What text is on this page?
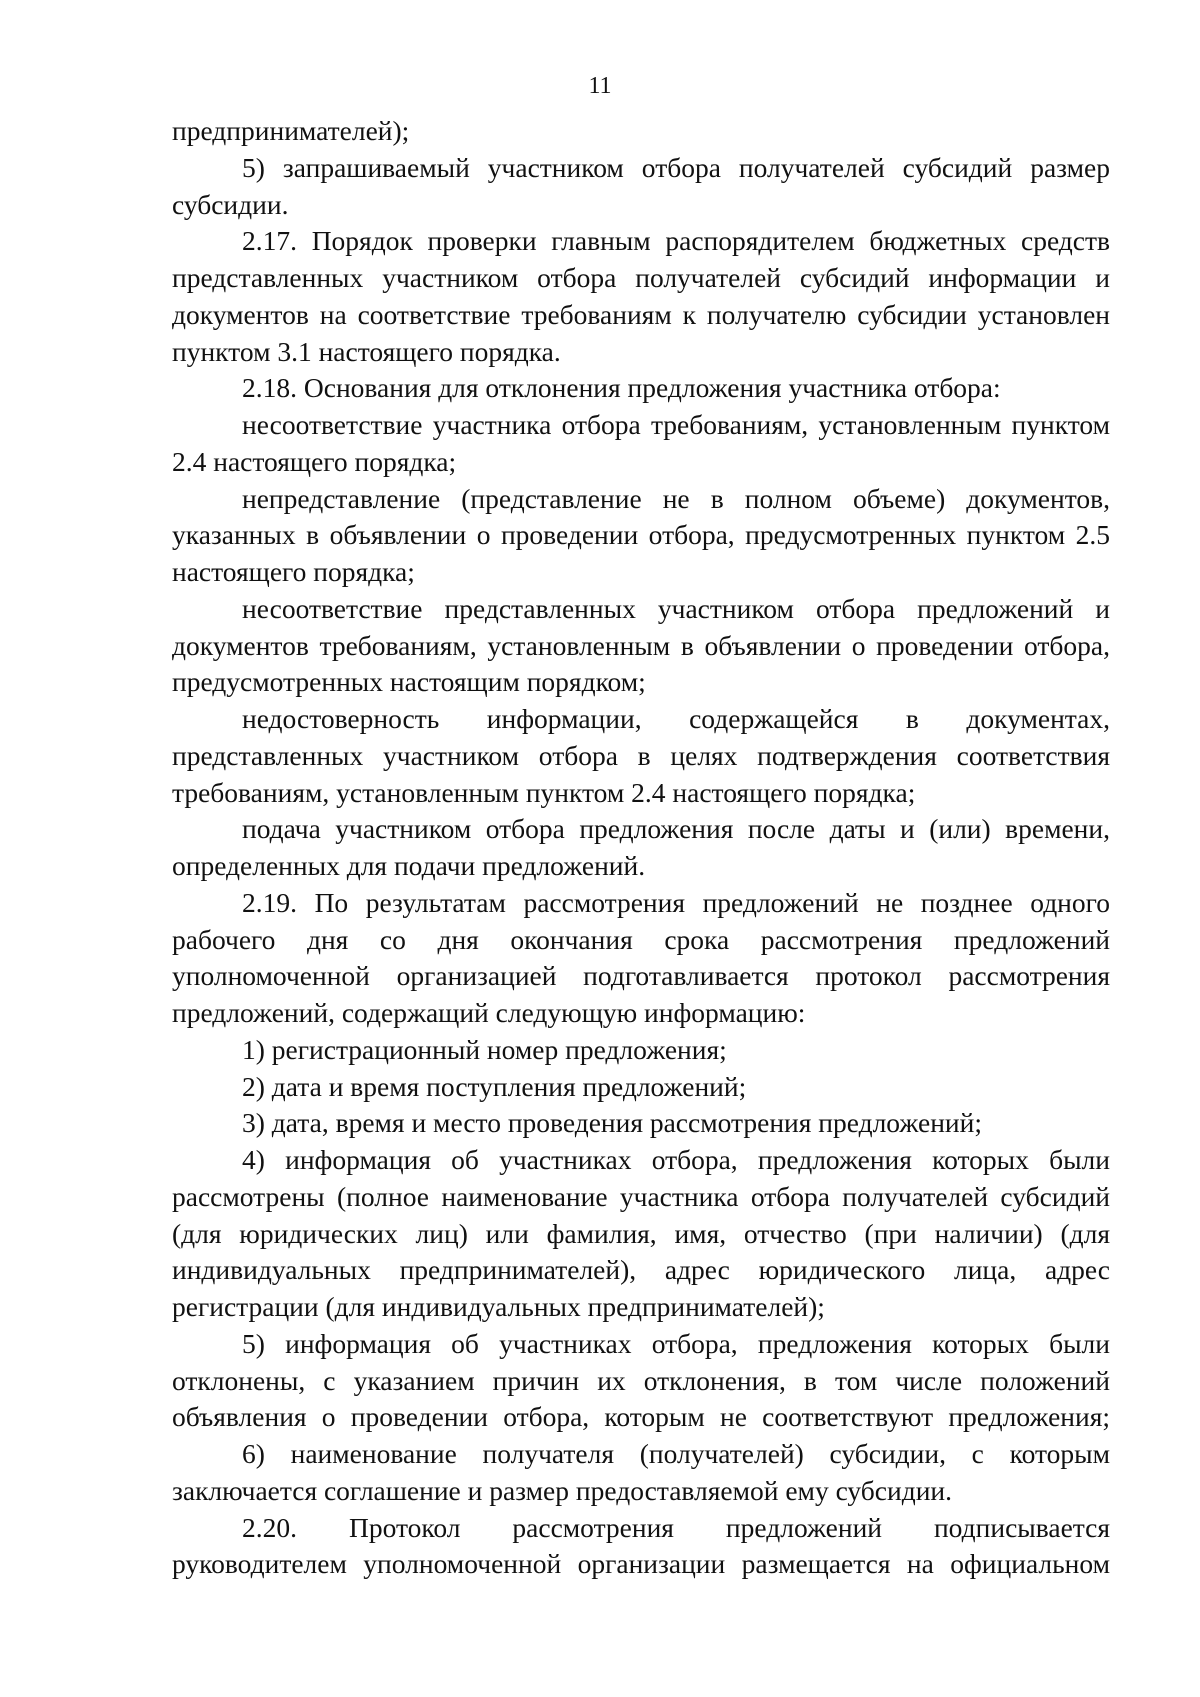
11
предпринимателей);
5) запрашиваемый участником отбора получателей субсидий размер
субсидии.
2.17. Порядок проверки главным распорядителем бюджетных средств
представленных участником отбора получателей субсидий информации и
документов на соответствие требованиям к получателю субсидии установлен
пунктом 3.1 настоящего порядка.
2.18. Основания для отклонения предложения участника отбора:
несоответствие участника отбора требованиям, установленным пунктом
2.4 настоящего порядка;
непредставление (представление не в полном объеме) документов,
указанных в объявлении о проведении отбора, предусмотренных пунктом 2.5
настоящего порядка;
несоответствие представленных участником отбора предложений и
документов требованиям, установленным в объявлении о проведении отбора,
предусмотренных настоящим порядком;
недостоверность информации, содержащейся в документах,
представленных участником отбора в целях подтверждения соответствия
требованиям, установленным пунктом 2.4 настоящего порядка;
подача участником отбора предложения после даты и (или) времени,
определенных для подачи предложений.
2.19. По результатам рассмотрения предложений не позднее одного
рабочего дня со дня окончания срока рассмотрения предложений
уполномоченной организацией подготавливается протокол рассмотрения
предложений, содержащий следующую информацию:
1) регистрационный номер предложения;
2) дата и время поступления предложений;
3) дата, время и место проведения рассмотрения предложений;
4) информация об участниках отбора, предложения которых были
рассмотрены (полное наименование участника отбора получателей субсидий
(для юридических лиц) или фамилия, имя, отчество (при наличии) (для
индивидуальных предпринимателей), адрес юридического лица, адрес
регистрации (для индивидуальных предпринимателей);
5) информация об участниках отбора, предложения которых были
отклонены, с указанием причин их отклонения, в том числе положений
объявления о проведении отбора, которым не соответствуют предложения;
6) наименование получателя (получателей) субсидии, с которым
заключается соглашение и размер предоставляемой ему субсидии.
2.20. Протокол рассмотрения предложений подписывается
руководителем уполномоченной организации размещается на официальном
